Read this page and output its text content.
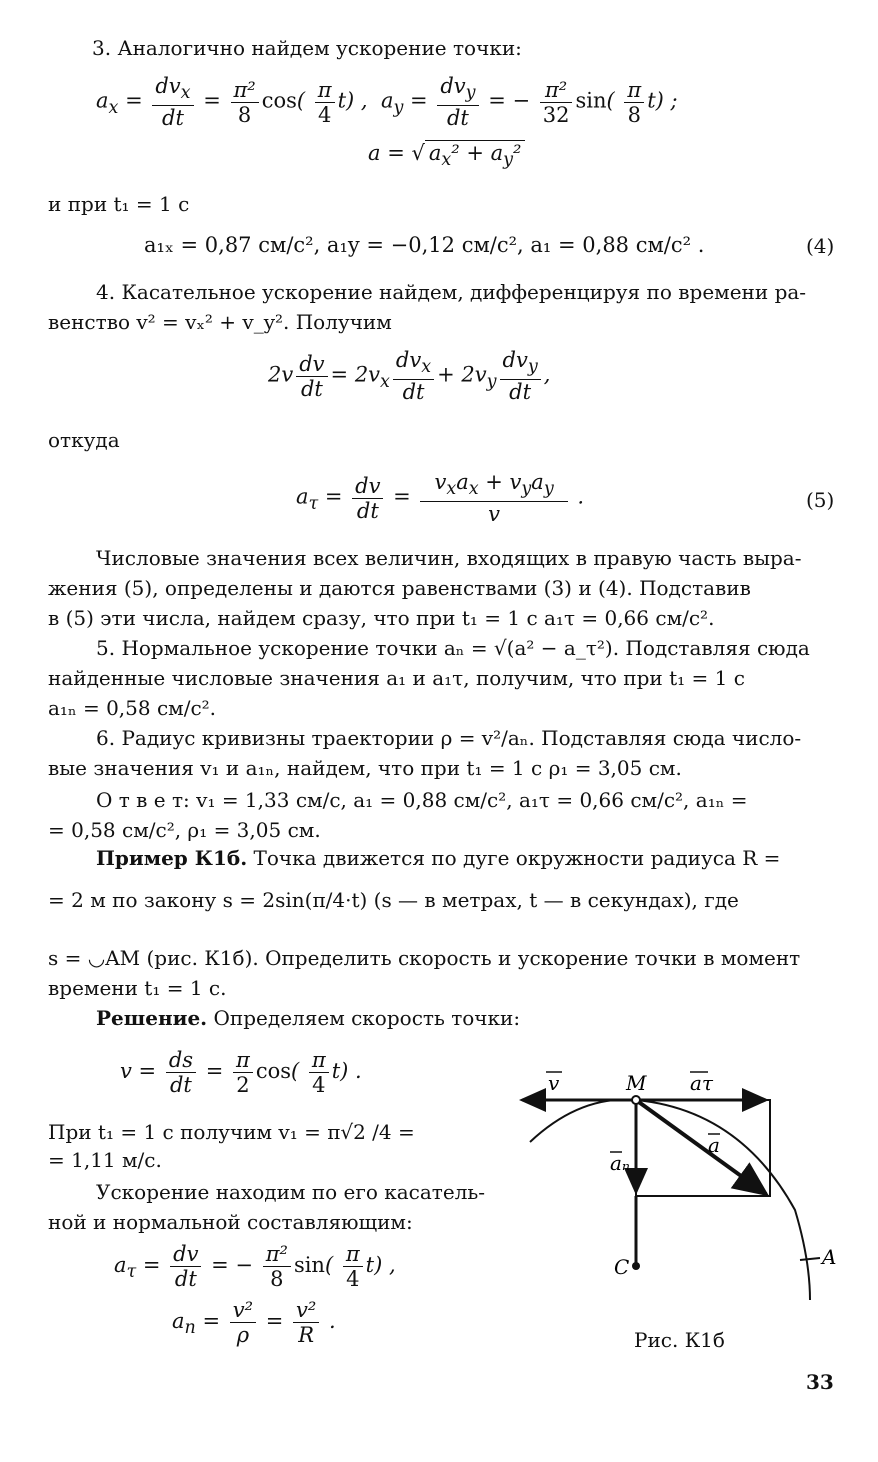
3. Аналогично найдем ускорение точки:
$a_x = \frac{dv_x}{dt} = \frac{\text{π²}}{8} \cos( \frac{\pi}{4} t)$ ,  $a_y = \frac{dv_y}{dt}$ = − $\frac{\text{π²}}{32} \sin( \frac{\pi}{8} t)$ ;
a = √ $a_x^2 + a_y^2$
и при t₁ = 1 с
a₁ₓ = 0,87 см/с², a₁y = −0,12 см/с², a₁ = 0,88 см/с² .	(4)
4. Касательное ускорение найдем, дифференцируя по времени ра-
венство v² = vₓ² + v_y². Получим
$2v \frac{dv}{dt} = 2v_x \frac{dv_x}{dt} + 2v_y \frac{dv_y}{dt}$ ,
откуда
$a_\tau = \frac{dv}{dt} = \frac{v_xa_x + v_ya_y}{v}$ .	(5)
Числовые значения всех величин, входящих в правую часть выра-
жения (5), определены и даются равенствами (3) и (4). Подставив
в (5) эти числа, найдем сразу, что при t₁ = 1 с a₁τ = 0,66 см/с².
5. Нормальное ускорение точки aₙ = √(a² − a_τ²). Подставляя сюда
найденные числовые значения a₁ и a₁τ, получим, что при t₁ = 1 с
a₁ₙ = 0,58 см/с².
6. Радиус кривизны траектории ρ = v²/aₙ. Подставляя сюда число-
вые значения v₁ и a₁ₙ, найдем, что при t₁ = 1 с ρ₁ = 3,05 см.
О т в е т: v₁ = 1,33 см/с, a₁ = 0,88 см/с², a₁τ = 0,66 см/с², a₁ₙ =
= 0,58 см/с², ρ₁ = 3,05 см.
Пример К1б. Точка движется по дуге окружности радиуса R =
= 2 м по закону s = 2sin(π/4·t) (s — в метрах, t — в секундах), где
s = ◡AM (рис. К1б). Определить скорость и ускорение точки в момент
времени t₁ = 1 с.
Решение. Определяем скорость точки:
$v = \frac{ds}{dt} = \frac{\pi}{2} \cos( \frac{\pi}{4} t)$ .
При t₁ = 1 с получим v₁ = π√2 /4 =
= 1,11 м/с.
Ускорение находим по его касатель-
ной и нормальной составляющим:
$a_\tau = \frac{dv}{dt}$ = − $\frac{\text{π²}}{8} \sin( \frac{\pi}{4} t)$ ,
$a_n = \frac{\text{v²}}{\rho} = \frac{\text{v²}}{R}$ .
v	M aτ
a
aₙ
C	A
Рис. К1б
33
